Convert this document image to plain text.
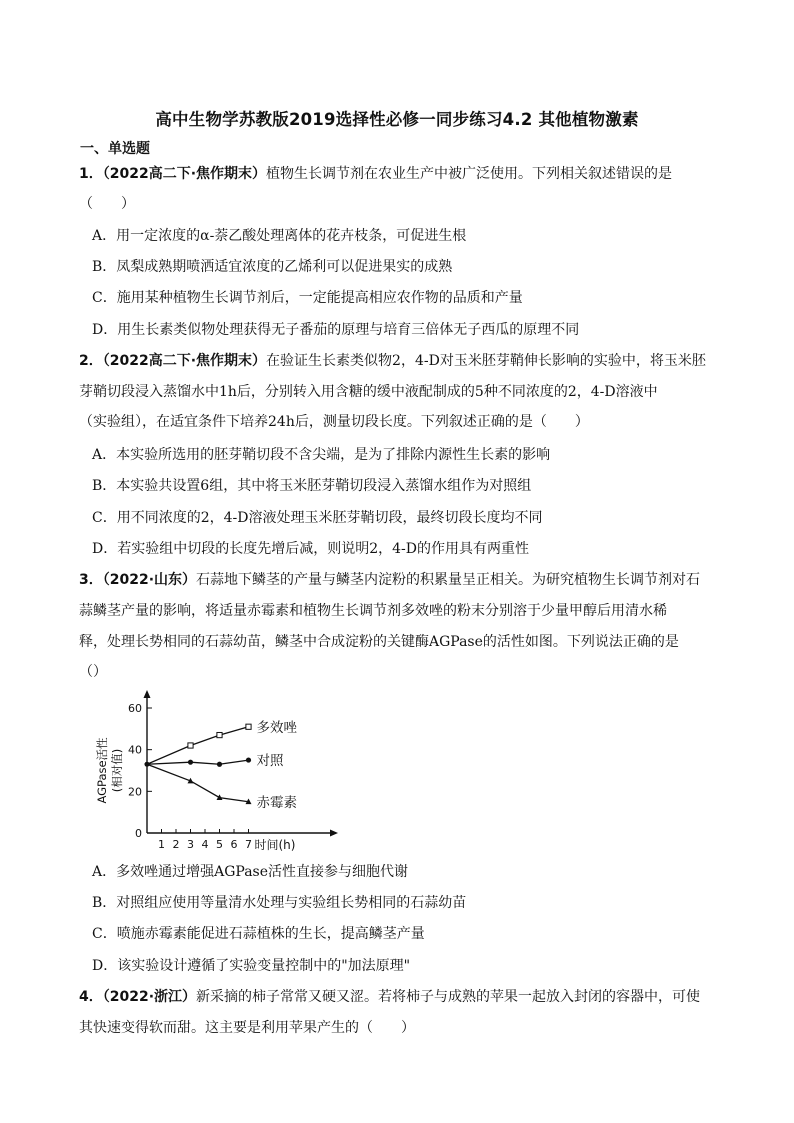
高中生物学苏教版2019选择性必修一同步练习4.2 其他植物激素
一、单选题
1．（2022高二下·焦作期末）植物生长调节剂在农业生产中被广泛使用。下列相关叙述错误的是
（　　）
A．用一定浓度的α-萘乙酸处理离体的花卉枝条，可促进生根
B．凤梨成熟期喷洒适宜浓度的乙烯利可以促进果实的成熟
C．施用某种植物生长调节剂后，一定能提高相应农作物的品质和产量
D．用生长素类似物处理获得无子番茄的原理与培育三倍体无子西瓜的原理不同
2．（2022高二下·焦作期末）在验证生长素类似物2，4-D对玉米胚芽鞘伸长影响的实验中，将玉米胚
芽鞘切段浸入蒸馏水中1h后，分别转入用含糖的缓中液配制成的5种不同浓度的2，4-D溶液中
（实验组），在适宜条件下培养24h后，测量切段长度。下列叙述正确的是（　　）
A．本实验所选用的胚芽鞘切段不含尖端，是为了排除内源性生长素的影响
B．本实验共设置6组，其中将玉米胚芽鞘切段浸入蒸馏水组作为对照组
C．用不同浓度的2，4-D溶液处理玉米胚芽鞘切段，最终切段长度均不同
D．若实验组中切段的长度先增后减，则说明2，4-D的作用具有两重性
3．（2022·山东）石蒜地下鳞茎的产量与鳞茎内淀粉的积累量呈正相关。为研究植物生长调节剂对石
蒜鳞茎产量的影响，将适量赤霉素和植物生长调节剂多效唑的粉末分别溶于少量甲醇后用清水稀
释，处理长势相同的石蒜幼苗，鳞茎中合成淀粉的关键酶AGPase的活性如图。下列说法正确的是
（）
0
20
40
60
1 2 3 4 5 6 7 时间(h)
AGPase活性 (相对值)
多效唑
对照
赤霉素
A．多效唑通过增强AGPase活性直接参与细胞代谢
B．对照组应使用等量清水处理与实验组长势相同的石蒜幼苗
C．喷施赤霉素能促进石蒜植株的生长，提高鳞茎产量
D．该实验设计遵循了实验变量控制中的"加法原理"
4．（2022·浙江）新采摘的柿子常常又硬又涩。若将柿子与成熟的苹果一起放入封闭的容器中，可使
其快速变得软而甜。这主要是利用苹果产生的（　　）
